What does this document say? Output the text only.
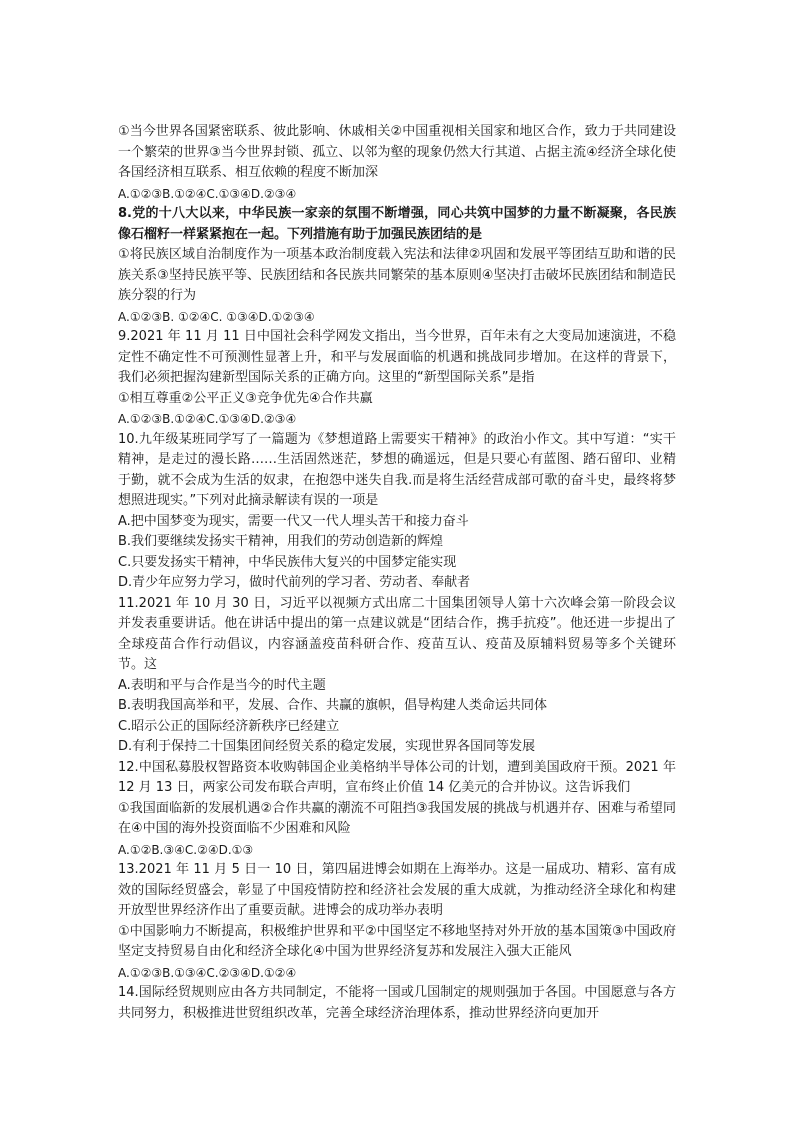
①当今世界各国紧密联系、彼此影响、休戚相关②中国重视相关国家和地区合作，致力于共同建设一个繁荣的世界③当今世界封锁、孤立、以邻为壑的现象仍然大行其道、占据主流④经济全球化使各国经济相互联系、相互依赖的程度不断加深

A.①②③B.①②④C.①③④D.②③④

8.党的十八大以来，中华民族一家亲的氛围不断增强，同心共筑中国梦的力量不断凝聚，各民族像石榴籽一样紧紧抱在一起。下列措施有助于加强民族团结的是

①将民族区域自治制度作为一项基本政治制度载入宪法和法律②巩固和发展平等团结互助和谐的民族关系③坚持民族平等、民族团结和各民族共同繁荣的基本原则④坚决打击破坏民族团结和制造民族分裂的行为

A.①②③B. ①②④C. ①③④D.①②③④

9.2021 年 11 月 11 日中国社会科学网发文指出，当今世界，百年未有之大变局加速演进，不稳定性不确定性不可预测性显著上升，和平与发展面临的机遇和挑战同步增加。在这样的背景下，我们必须把握沟建新型国际关系的正确方向。这里的“新型国际关系”是指

①相互尊重②公平正义③竞争优先④合作共赢

A.①②③B.①②④C.①③④D.②③④

10.九年级某班同学写了一篇题为《梦想道路上需要实干精神》的政治小作文。其中写道：“实干精神，是走过的漫长路……生活固然迷茫，梦想的确遥远，但是只要心有蓝图、踏石留印、业精于勤，就不会成为生活的奴隶，在抱怨中迷失自我.而是将生活经营成部可歌的奋斗史，最终将梦想照进现实。”下列对此摘录解读有误的一项是

A.把中国梦变为现实，需要一代又一代人埋头苦干和接力奋斗

B.我们要继续发扬实干精神，用我们的劳动创造新的辉煌

C.只要发扬实干精神，中华民族伟大复兴的中国梦定能实现

D.青少年应努力学习，做时代前列的学习者、劳动者、奉献者

11.2021 年 10 月 30 日，习近平以视频方式出席二十国集团领导人第十六次峰会第一阶段会议并发表重要讲话。他在讲话中提出的第一点建议就是“团结合作，携手抗疫”。他还进一步提出了全球疫苗合作行动倡议，内容涵盖疫苗科研合作、疫苗互认、疫苗及原辅料贸易等多个关键环节。这

A.表明和平与合作是当今的时代主题

B.表明我国高举和平，发展、合作、共赢的旗帜，倡导构建人类命运共同体

C.昭示公正的国际经济新秩序已经建立

D.有利于保持二十国集团间经贸关系的稳定发展，实现世界各国同等发展

12.中国私募股权智路资本收购韩国企业美格纳半导体公司的计划，遭到美国政府干预。2021 年 12 月 13 日，两家公司发布联合声明，宣布终止价值 14 亿美元的合并协议。这告诉我们

①我国面临新的发展机遇②合作共赢的潮流不可阻挡③我国发展的挑战与机遇并存、困难与希望同在④中国的海外投资面临不少困难和风险

A.①②B.③④C.②④D.①③

13.2021 年 11 月 5 日一 10 日，第四届进博会如期在上海举办。这是一届成功、精彩、富有成效的国际经贸盛会，彰显了中国疫情防控和经济社会发展的重大成就，为推动经济全球化和构建开放型世界经济作出了重要贡献。进博会的成功举办表明

①中国影响力不断提高，积极维护世界和平②中国坚定不移地坚持对外开放的基本国策③中国政府坚定支持贸易自由化和经济全球化④中国为世界经济复苏和发展注入强大正能风

A.①②③B.①③④C.②③④D.①②④

14.国际经贸规则应由各方共同制定，不能将一国或几国制定的规则强加于各国。中国愿意与各方共同努力，积极推进世贸组织改革，完善全球经济治理体系，推动世界经济向更加开
